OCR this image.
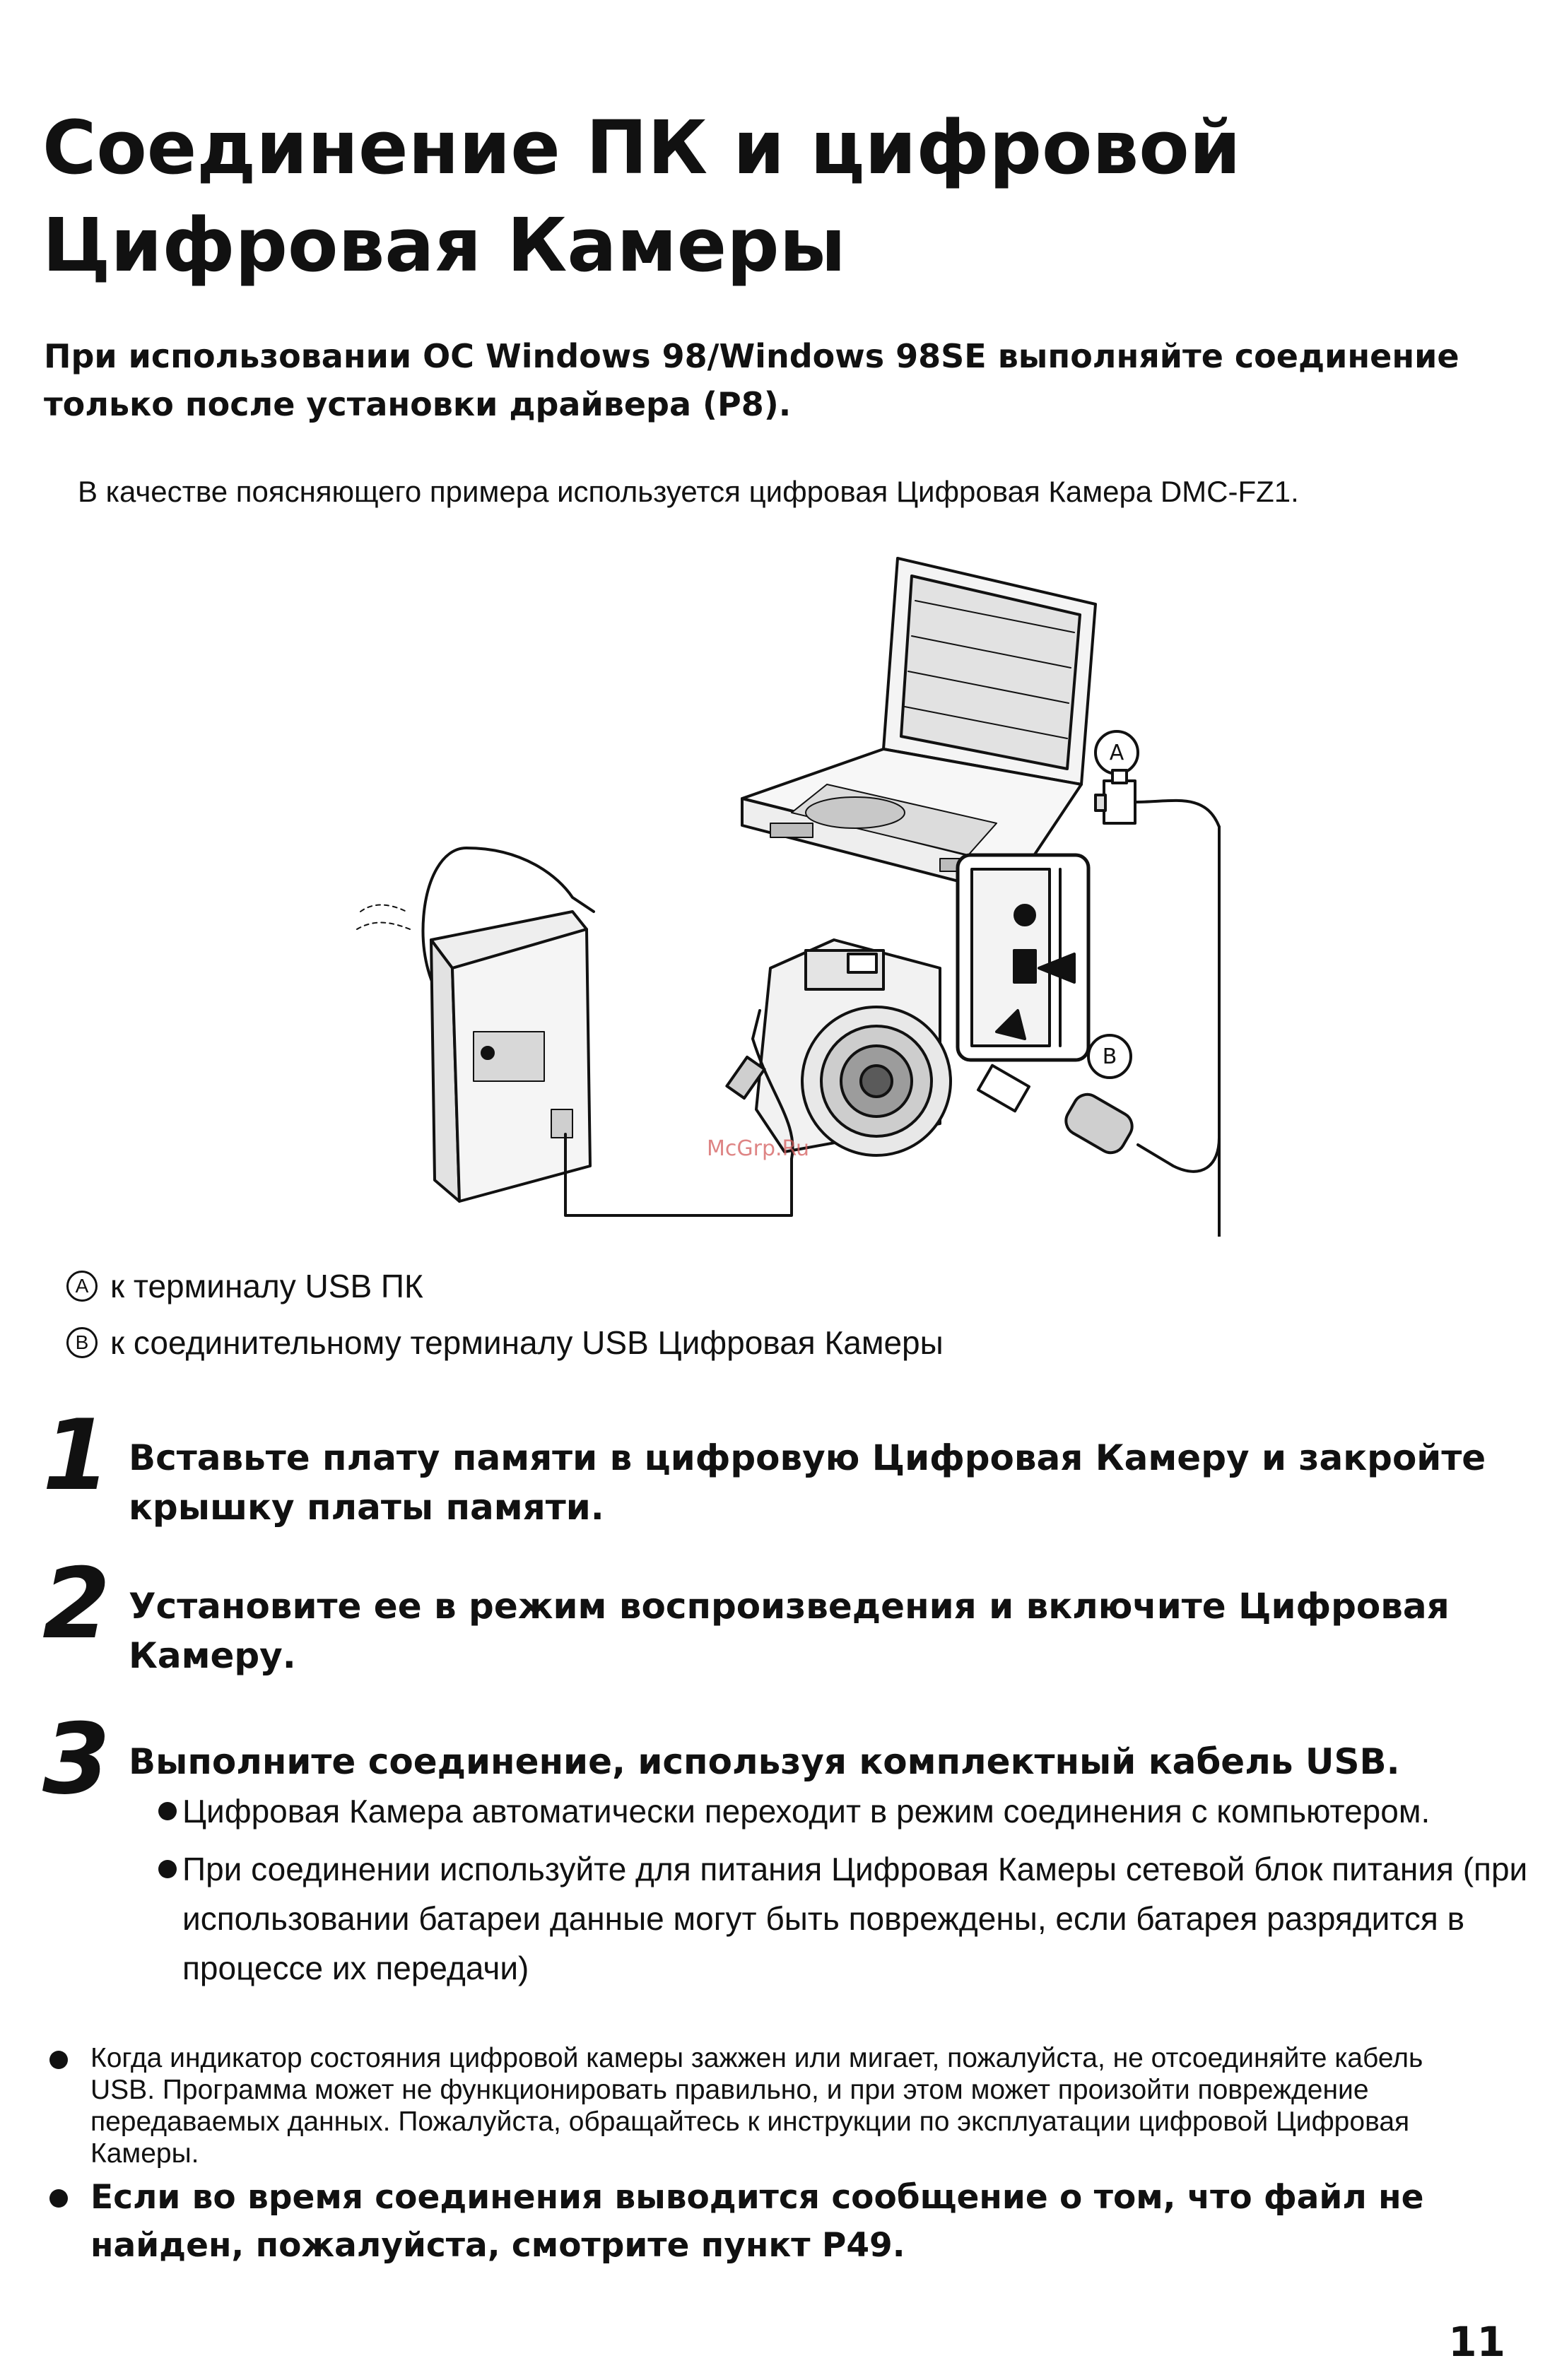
Соединение ПК и цифровой
Цифровая Камеры

При использовании ОС Windows 98/Windows 98SE выполняйте соединение только после установки драйвера (P8).

В качестве поясняющего примера используется цифровая Цифровая Камера DMC-FZ1.

A
B
McGrp.Ru
A к терминалу USB ПК
B к соединительному терминалу USB Цифровая Камеры
1 Вставьте плату памяти в цифровую Цифровая Камеру и закройте крышку платы памяти.

2 Установите ее в режим воспроизведения и включите Цифровая Камеру.

3 Выполните соединение, используя комплектный кабель USB.

Цифровая Камера автоматически переходит в режим соединения с компьютером.
При соединении используйте для питания Цифровая Камеры сетевой блок питания (при использовании батареи данные могут быть повреждены, если батарея разрядится в процессе их передачи)
Когда индикатор состояния цифровой камеры зажжен или мигает, пожалуйста, не отсоединяйте кабель USB. Программа может не функционировать правильно, и при этом может произойти повреждение передаваемых данных. Пожалуйста, обращайтесь к инструкции по эксплуатации цифровой Цифровая Камеры.
Если во время соединения выводится сообщение о том, что файл не найден, пожалуйста, смотрите пункт P49.
11
